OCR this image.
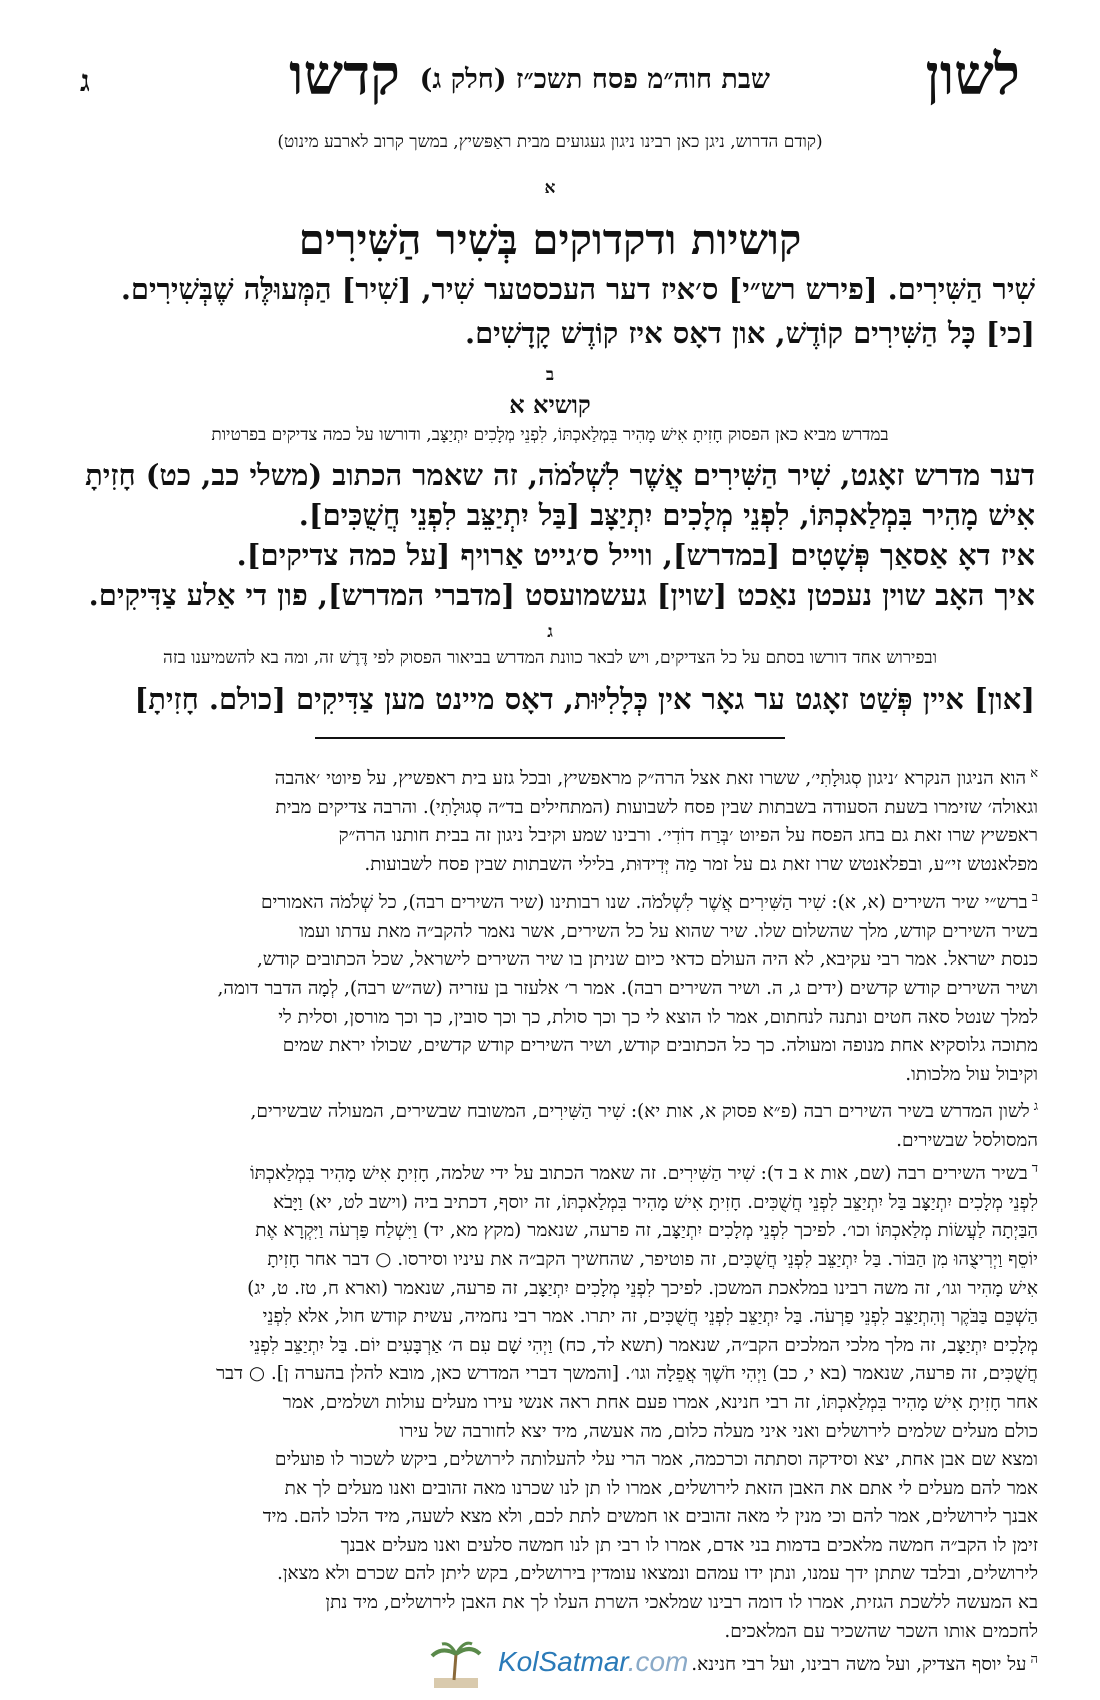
לשון
שבת חוה״מ פסח תשכ״ז (חלק ג)
קדשו
ג
(קודם הדרוש, ניגן כאן רבינו ניגון געגועים מבית ראַפּשיץ, במשך קרוב לארבע מינוט)
א
קושיות ודקדוקים בְּשִׁיר הַשִּׁירִים
שִׁיר הַשִּׁירִים. [פירש רש״י] ס׳איז דער העכסטער שִׁיר, [שִׁיר] הַמְּעוּלֶּה שֶׁבְּשִׁירִים.
[כי] כָּל הַשִּׁירִים קוֹדֶשׁ, און דאָס איז קוֹדֶשׁ קָדָשִׁים.
ב
קושיא א
במדרש מביא כאן הפסוק חָזִיתָ אִישׁ מָהִיר בִּמְלַאכְתּוֹ, לִפְנֵי מְלָכִים יִתְיַצָּב, ודורשו על כמה צדיקים בפרטיות
דער מדרש זאָגט, שִׁיר הַשִּׁירִים אֲשֶׁר לִשְׁלֹמֹה, זה שאמר הכתוב (משלי כב, כט) חָזִיתָ
אִישׁ מָהִיר בִּמְלַאכְתּוֹ, לִפְנֵי מְלָכִים יִתְיַצָּב [בַּל יִתְיַצֵּב לִפְנֵי חֲשֻׁכִּים].
איז דאָ אַסאַך פְּשָׁטִים [במדרש], ווייל ס׳גייט אַרויף [על כמה צדיקים].
איך האָב שוין נעכטן נאַכט [שוין] געשמועסט [מדברי המדרש], פון די אַלע צַדִּיקִים.
ג
ובפירוש אחד דורשו בסתם על כל הצדיקים, ויש לבאר כוונת המדרש בביאור הפסוק לפי דֶּרֶשׁ זה, ומה בא להשמיענו בזה
[און] איין פְּשַׁט זאָגט ער גאָר אין כְּלָלִיּוּת, דאָס מיינט מען צַדִּיקִים [כולם. חָזִיתָ]
$^א$הוא הניגון הנקרא ׳ניגון סְגוּלָתִי׳, ששרו זאת אצל הרה״ק מראפשיץ, ובכל גזע בית ראפשיץ, על פיוטי ׳אהבה
וגאולה׳ שזימרו בשעת הסעודה בשבתות שבין פסח לשבועות (המתחילים בד״ה סְגוּלָתִי). והרבה צדיקים מבית
ראפשיץ שרו זאת גם בחג הפסח על הפיוט ׳בְּרַח דוֹדִי׳. ורבינו שמע וקיבל ניגון זה בבית חותנו הרה״ק
מפלאנטש זי״ע, ובפלאנטש שרו זאת גם על זמר מַה יְּדִידוּת, בלילי השבתות שבין פסח לשבועות.
$^ב$ברש״י שיר השירים (א, א): שִׁיר הַשִּׁירִים אֲשֶׁר לִשְׁלֹמֹה. שנו רבותינו (שיר השירים רבה), כל שְׁלֹמֹה האמורים
בשיר השירים קודש, מלך שהשלום שלו. שיר שהוא על כל השירים, אשר נאמר להקב״ה מאת עדתו ועמו
כנסת ישראל. אמר רבי עקיבא, לא היה העולם כדאי כיום שניתן בו שיר השירים לישראל, שכל הכתובים קודש,
ושיר השירים קודש קדשים (ידים ג, ה. ושיר השירים רבה). אמר ר׳ אלעזר בן עזריה (שה״ש רבה), לְמָה הדבר דומה,
למלך שנטל סאה חטים ונתנה לנחתום, אמר לו הוצא לי כך וכך סולת, כך וכך סובין, כך וכך מורסן, וסלית לי
מתוכה גלוסקיא אחת מנופה ומעולה. כך כל הכתובים קודש, ושיר השירים קודש קדשים, שכולו יראת שמים
וקיבול עול מלכותו.
$^ג$לשון המדרש בשיר השירים רבה (פ״א פסוק א, אות יא): שִׁיר הַשִּׁירִים, המשובח שבשירים, המעולה שבשירים,
המסולסל שבשירים.
$^ד$בשיר השירים רבה (שם, אות א ב ד): שִׁיר הַשִּׁירִים. זה שאמר הכתוב על ידי שלמה, חָזִיתָ אִישׁ מָהִיר בִּמְלַאכְתּוֹ
לִפְנֵי מְלָכִים יִתְיַצָּב בַּל יִתְיַצֵּב לִפְנֵי חֲשֻׁכִּים. חָזִיתָ אִישׁ מָהִיר בִּמְלַאכְתּוֹ, זה יוסף, דכתיב ביה (וישב לט, יא) וַיָּבֹא
הַבַּיְתָה לַעֲשׂוֹת מְלַאכְתּוֹ וכו׳. לפיכך לִפְנֵי מְלָכִים יִתְיַצָּב, זה פרעה, שנאמר (מקץ מא, יד) וַיִּשְׁלַח פַּרְעֹה וַיִּקְרָא אֶת
יוֹסֵף וַיְרִיצֻהוּ מִן הַבּוֹר. בַּל יִתְיַצֵּב לִפְנֵי חֲשֻׁכִּים, זה פוטיפר, שהחשיך הקב״ה את עיניו וסירסו. ○ דבר אחר חָזִיתָ
אִישׁ מָהִיר וגו׳, זה משה רבינו במלאכת המשכן. לפיכך לִפְנֵי מְלָכִים יִתְיַצָּב, זה פרעה, שנאמר (וארא ח, טז. ט, יג)
הַשְׁכֵּם בַּבֹּקֶר וְהִתְיַצֵּב לִפְנֵי פַרְעֹה. בַּל יִתְיַצֵּב לִפְנֵי חֲשֻׁכִּים, זה יתרו. אמר רבי נחמיה, עשית קודש חול, אלא לִפְנֵי
מְלָכִים יִתְיַצָּב, זה מלך מלכי המלכים הקב״ה, שנאמר (תשא לד, כח) וַיְהִי שָׁם עִם ה׳ אַרְבָּעִים יוֹם. בַּל יִתְיַצֵּב לִפְנֵי
חֲשֻׁכִּים, זה פרעה, שנאמר (בא י, כב) וַיְהִי חֹשֶׁךְ אֲפֵלָה וגו׳. [והמשך דברי המדרש כאן, מובא להלן בהערה ן]. ○ דבר
אחר חָזִיתָ אִישׁ מָהִיר בִּמְלַאכְתּוֹ, זה רבי חנינא, אמרו פעם אחת ראה אנשי עירו מעלים עולות ושלמים, אמר
כולם מעלים שלמים לירושלים ואני איני מעלה כלום, מה אעשה, מיד יצא לחורבה של עירו
ומצא שם אבן אחת, יצא וסידקה וסתתה וכרכמה, אמר הרי עלי להעלותה לירושלים, ביקש לשכור לו פועלים
אמר להם מעלים לי אתם את האבן הזאת לירושלים, אמרו לו תן לנו שכרנו מאה זהובים ואנו מעלים לך את
אבנך לירושלים, אמר להם וכי מנין לי מאה זהובים או חמשים לתת לכם, ולא מצא לשעה, מיד הלכו להם. מיד
זימן לו הקב״ה חמשה מלאכים בדמות בני אדם, אמרו לו רבי תן לנו חמשה סלעים ואנו מעלים אבנך
לירושלים, ובלבד שתתן ידך עמנו, ונתן ידו עמהם ונמצאו עומדין בירושלים, בקש ליתן להם שכרם ולא מצאן.
בא המעשה ללשכת הגזית, אמרו לו דומה רבינו שמלאכי השרת העלו לך את האבן לירושלים, מיד נתן
לחכמים אותו השכר שהשכיר עם המלאכים.
$^ה$על יוסף הצדיק, ועל משה רבינו, ועל רבי חנינא.
KolSatmar.com
